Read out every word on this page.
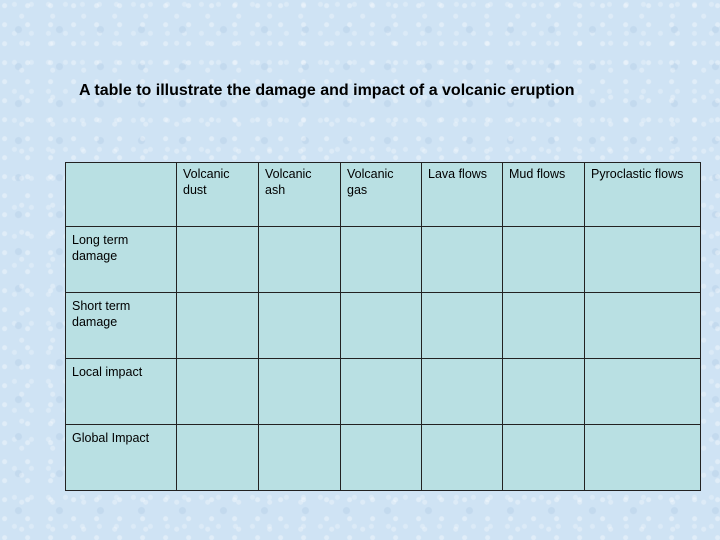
A table to illustrate the damage and impact of a volcanic eruption
	Volcanic dust	Volcanic ash	Volcanic gas	Lava flows	Mud flows	Pyroclastic flows
Long term damage						
Short term damage						
Local impact						
Global Impact						
